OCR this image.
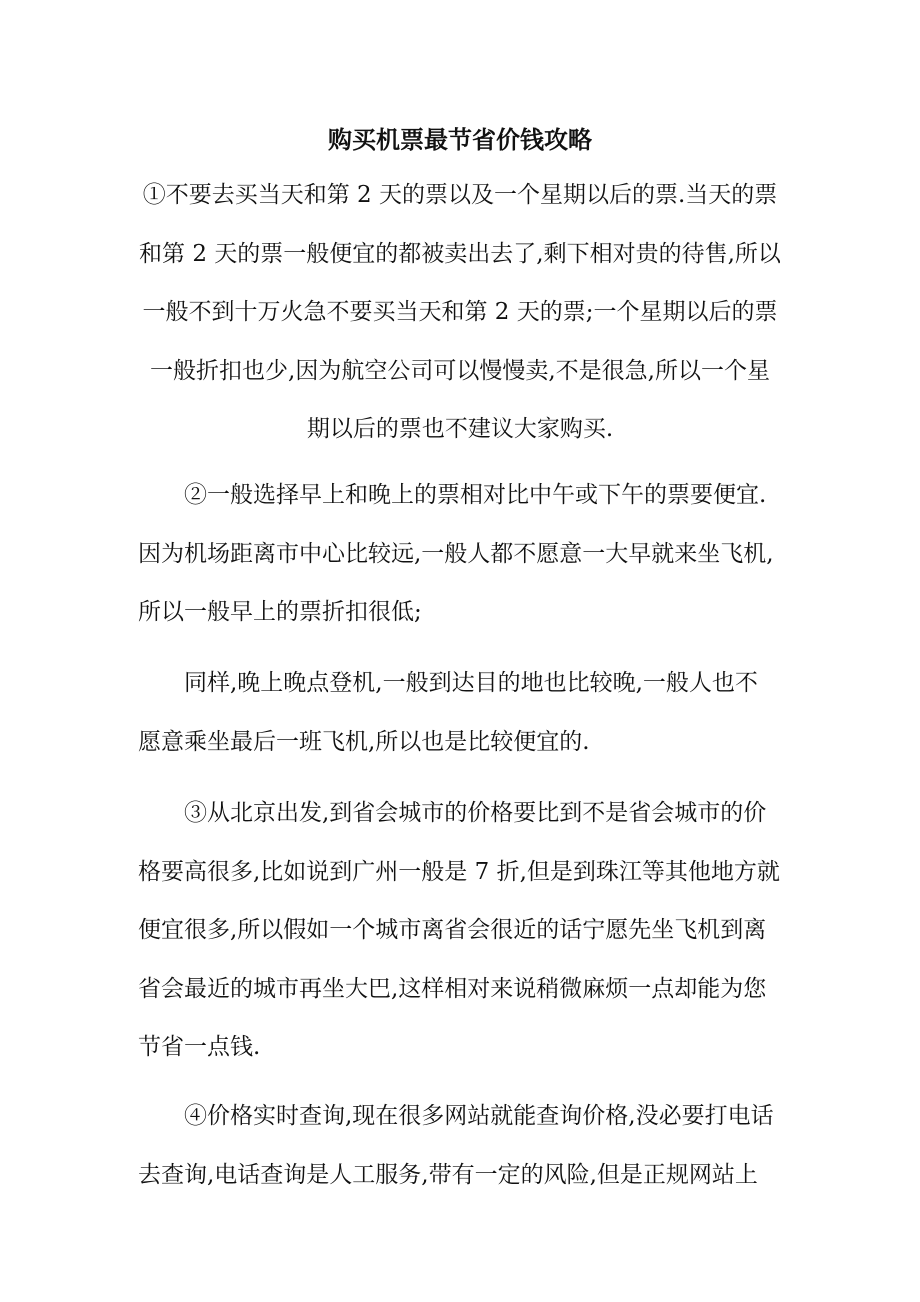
购买机票最节省价钱攻略
①不要去买当天和第 2 天的票以及一个星期以后的票.当天的票
和第 2 天的票一般便宜的都被卖出去了,剩下相对贵的待售,所以
一般不到十万火急不要买当天和第 2 天的票;一个星期以后的票
一般折扣也少,因为航空公司可以慢慢卖,不是很急,所以一个星
期以后的票也不建议大家购买.
②一般选择早上和晚上的票相对比中午或下午的票要便宜.
因为机场距离市中心比较远,一般人都不愿意一大早就来坐飞机,
所以一般早上的票折扣很低;
同样,晚上晚点登机,一般到达目的地也比较晚,一般人也不
愿意乘坐最后一班飞机,所以也是比较便宜的.
③从北京出发,到省会城市的价格要比到不是省会城市的价
格要高很多,比如说到广州一般是 7 折,但是到珠江等其他地方就
便宜很多,所以假如一个城市离省会很近的话宁愿先坐飞机到离
省会最近的城市再坐大巴,这样相对来说稍微麻烦一点却能为您
节省一点钱.
④价格实时查询,现在很多网站就能查询价格,没必要打电话
去查询,电话查询是人工服务,带有一定的风险,但是正规网站上
